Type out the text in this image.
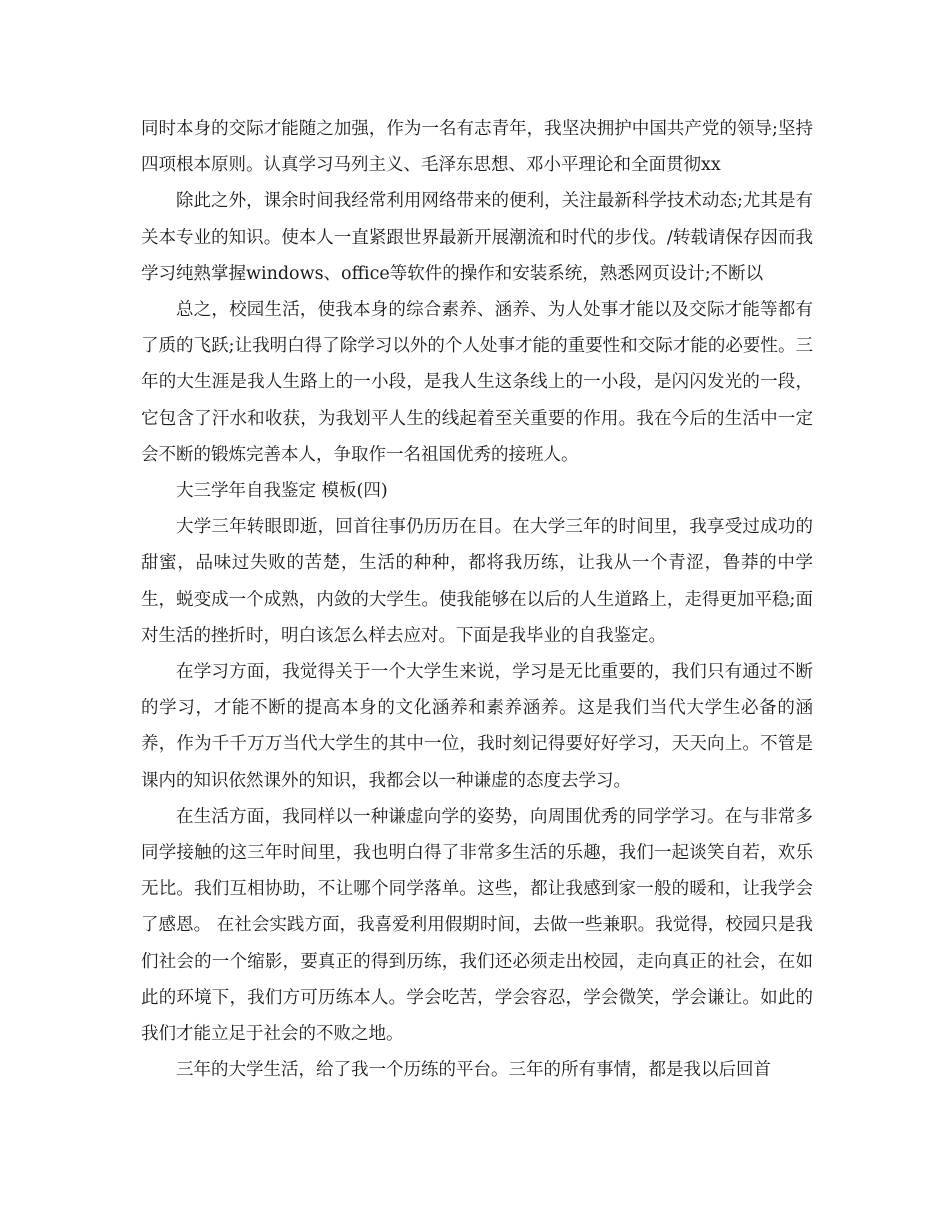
同时本身的交际才能随之加强，作为一名有志青年，我坚决拥护中国共产党的领导;坚持四项根本原则。认真学习马列主义、毛泽东思想、邓小平理论和全面贯彻xx

除此之外，课余时间我经常利用网络带来的便利，关注最新科学技术动态;尤其是有关本专业的知识。使本人一直紧跟世界最新开展潮流和时代的步伐。/转载请保存因而我学习纯熟掌握windows、office等软件的操作和安装系统，熟悉网页设计;不断以

总之，校园生活，使我本身的综合素养、涵养、为人处事才能以及交际才能等都有了质的飞跃;让我明白得了除学习以外的个人处事才能的重要性和交际才能的必要性。三年的大生涯是我人生路上的一小段，是我人生这条线上的一小段，是闪闪发光的一段，它包含了汗水和收获，为我划平人生的线起着至关重要的作用。我在今后的生活中一定会不断的锻炼完善本人，争取作一名祖国优秀的接班人。

大三学年自我鉴定 模板(四)

大学三年转眼即逝，回首往事仍历历在目。在大学三年的时间里，我享受过成功的甜蜜，品味过失败的苦楚，生活的种种，都将我历练，让我从一个青涩，鲁莽的中学生，蜕变成一个成熟，内敛的大学生。使我能够在以后的人生道路上，走得更加平稳;面对生活的挫折时，明白该怎么样去应对。下面是我毕业的自我鉴定。

在学习方面，我觉得关于一个大学生来说，学习是无比重要的，我们只有通过不断的学习，才能不断的提高本身的文化涵养和素养涵养。这是我们当代大学生必备的涵养，作为千千万万当代大学生的其中一位，我时刻记得要好好学习，天天向上。不管是课内的知识依然课外的知识，我都会以一种谦虚的态度去学习。

在生活方面，我同样以一种谦虚向学的姿势，向周围优秀的同学学习。在与非常多同学接触的这三年时间里，我也明白得了非常多生活的乐趣，我们一起谈笑自若，欢乐无比。我们互相协助，不让哪个同学落单。这些，都让我感到家一般的暖和，让我学会了感恩。 在社会实践方面，我喜爱利用假期时间，去做一些兼职。我觉得，校园只是我们社会的一个缩影，要真正的得到历练，我们还必须走出校园，走向真正的社会，在如此的环境下，我们方可历练本人。学会吃苦，学会容忍，学会微笑，学会谦让。如此的我们才能立足于社会的不败之地。

三年的大学生活，给了我一个历练的平台。三年的所有事情，都是我以后回首
